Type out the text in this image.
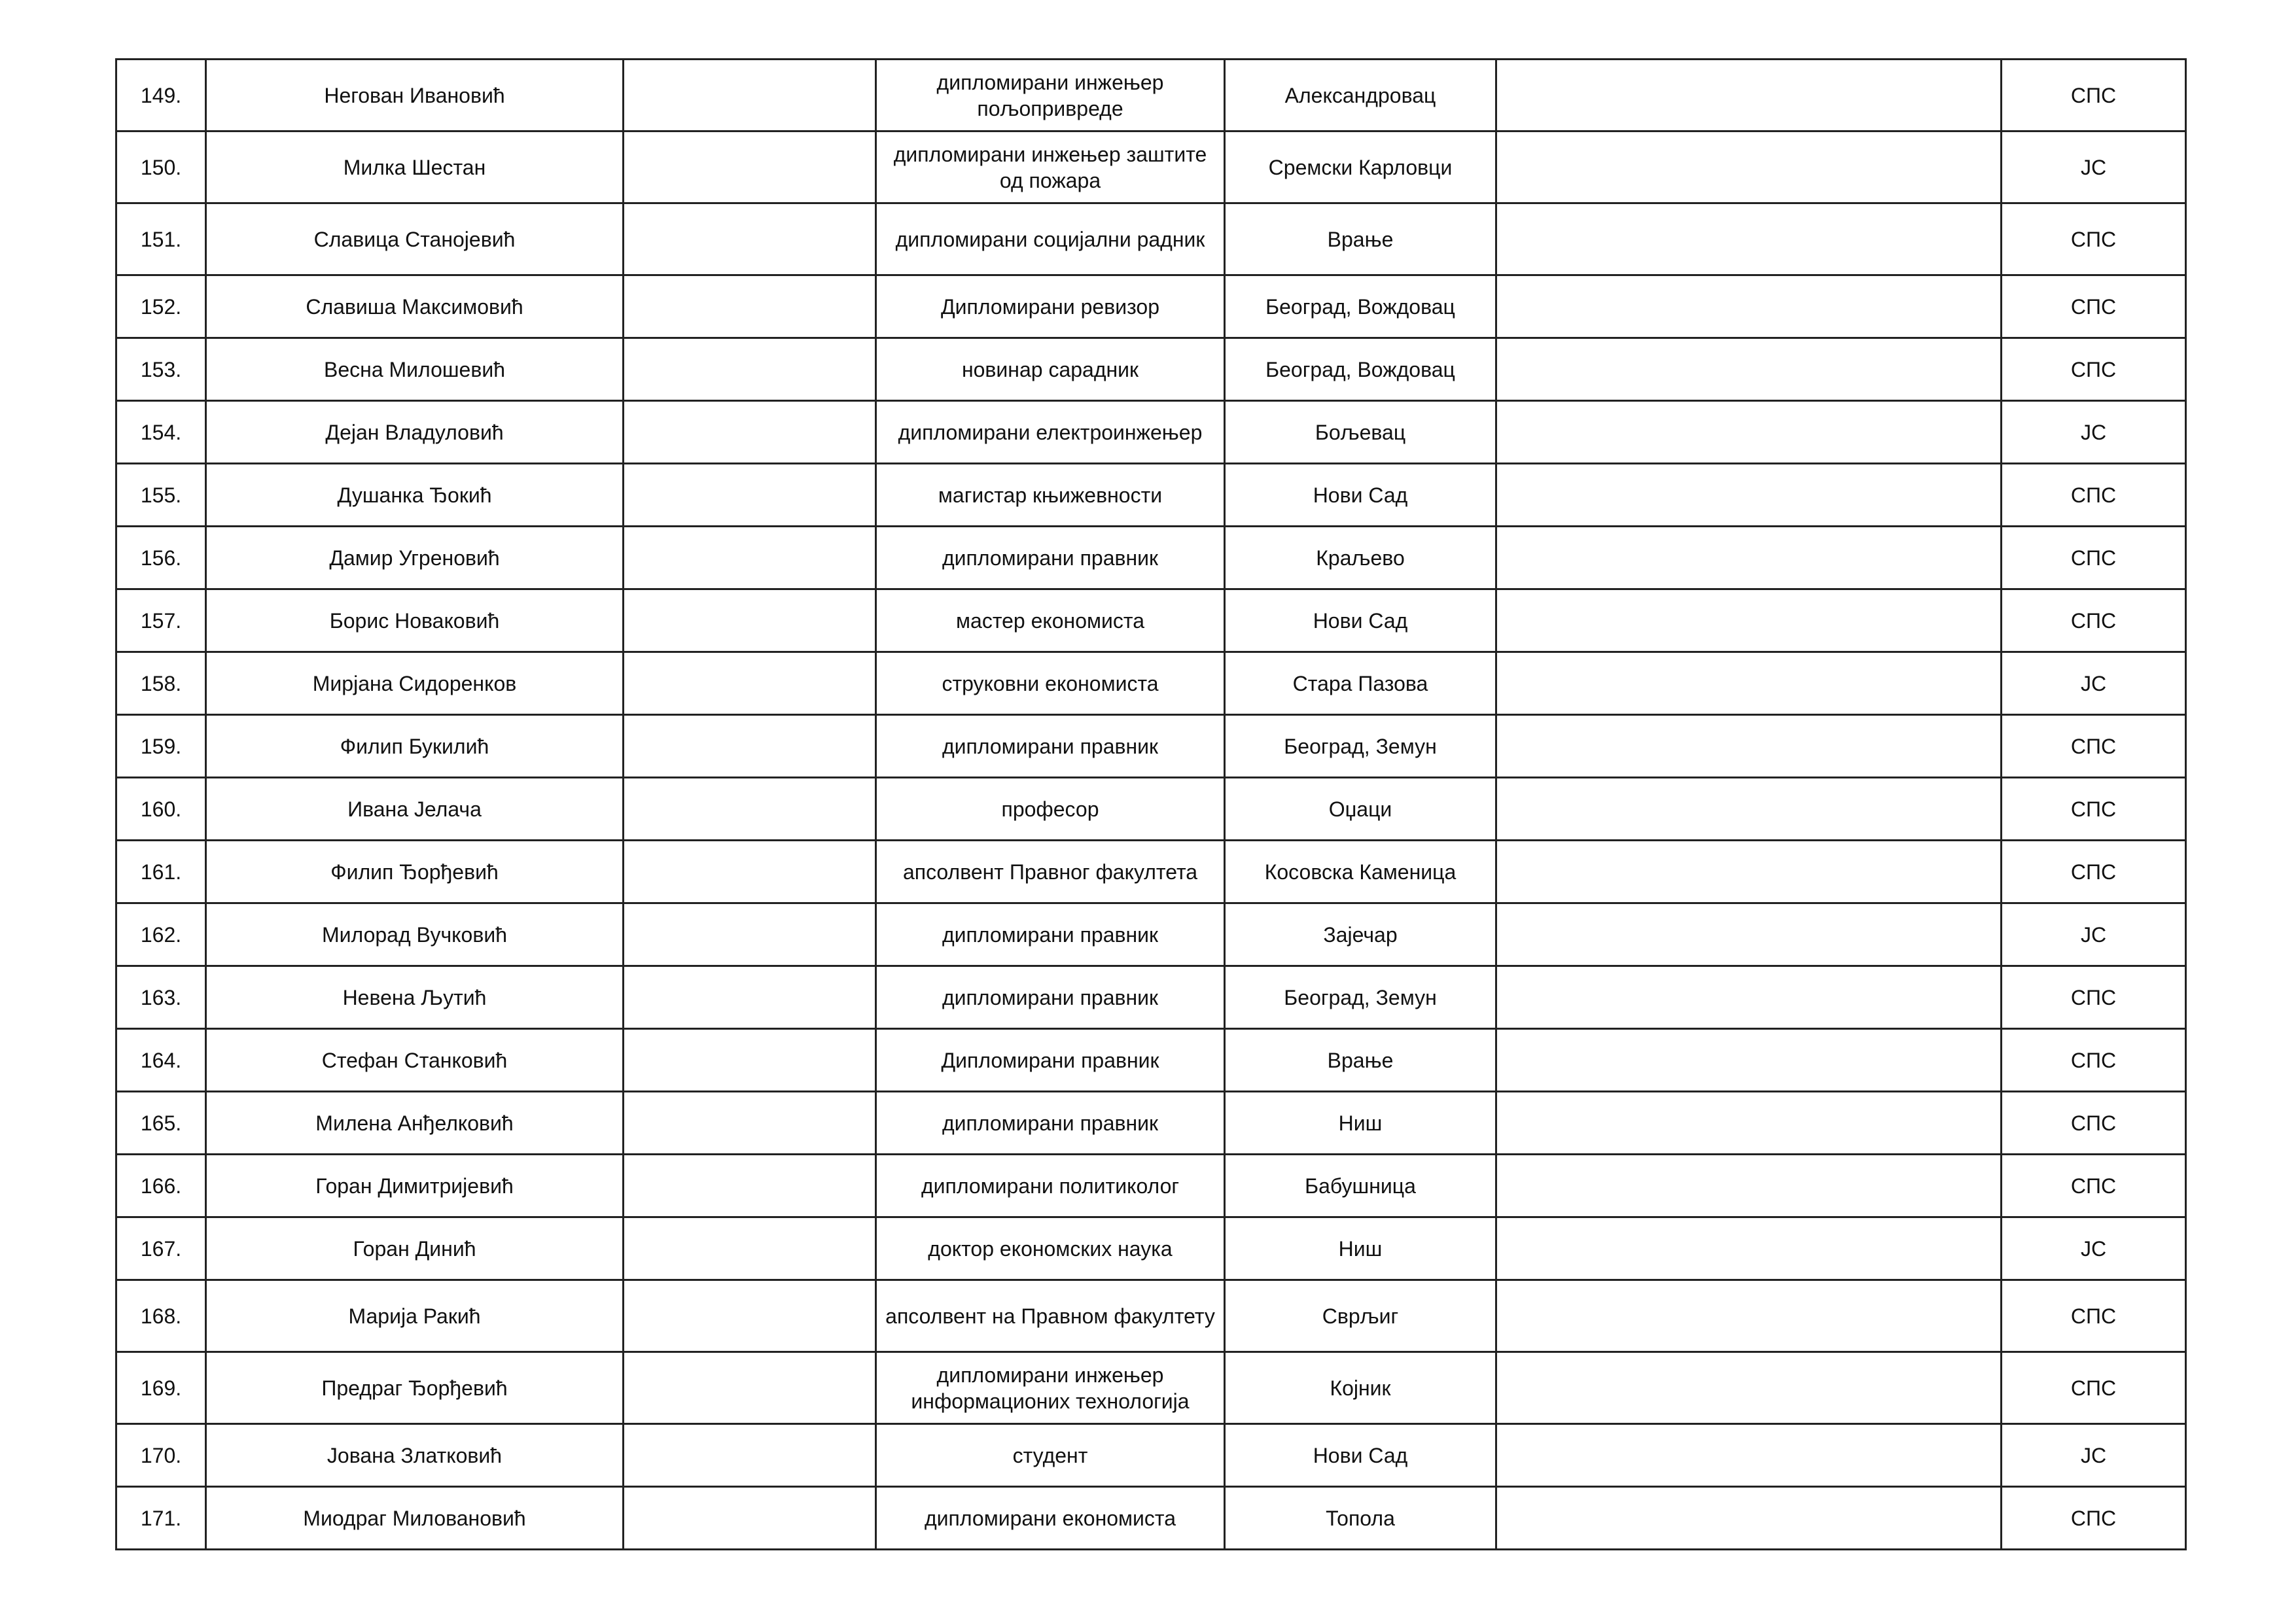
149.	Негован Ивановић		дипломирани инжењер пољопривреде	Александровац		СПС
150.	Милка Шестан		дипломирани инжењер заштите од пожара	Сремски Карловци		ЈС
151.	Славица Станојевић		дипломирани социјални радник	Врање		СПС
152.	Славиша Максимовић		Дипломирани ревизор	Београд, Вождовац		СПС
153.	Весна Милошевић		новинар сарадник	Београд, Вождовац		СПС
154.	Дејан Владуловић		дипломирани електроинжењер	Бољевац		ЈС
155.	Душанка Ђокић		магистар књижевности	Нови Сад		СПС
156.	Дамир Угреновић		дипломирани правник	Краљево		СПС
157.	Борис Новаковић		мастер економиста	Нови Сад		СПС
158.	Мирјана Сидоренков		струковни економиста	Стара Пазова		ЈС
159.	Филип Букилић		дипломирани правник	Београд, Земун		СПС
160.	Ивана Јелача		професор	Оџаци		СПС
161.	Филип Ђорђевић		апсолвент Правног факултета	Косовска Каменица		СПС
162.	Милорад Вучковић		дипломирани правник	Зајечар		ЈС
163.	Невена Љутић		дипломирани правник	Београд, Земун		СПС
164.	Стефан Станковић		Дипломирани правник	Врање		СПС
165.	Милена Анђелковић		дипломирани правник	Ниш		СПС
166.	Горан Димитријевић		дипломирани политиколог	Бабушница		СПС
167.	Горан Динић		доктор економских наука	Ниш		ЈС
168.	Марија Ракић		апсолвент на Правном факултету	Сврљиг		СПС
169.	Предраг Ђорђевић		дипломирани инжењер информационих технологија	Којник		СПС
170.	Јована Златковић		студент	Нови Сад		ЈС
171.	Миодраг Миловановић		дипломирани економиста	Топола		СПС
